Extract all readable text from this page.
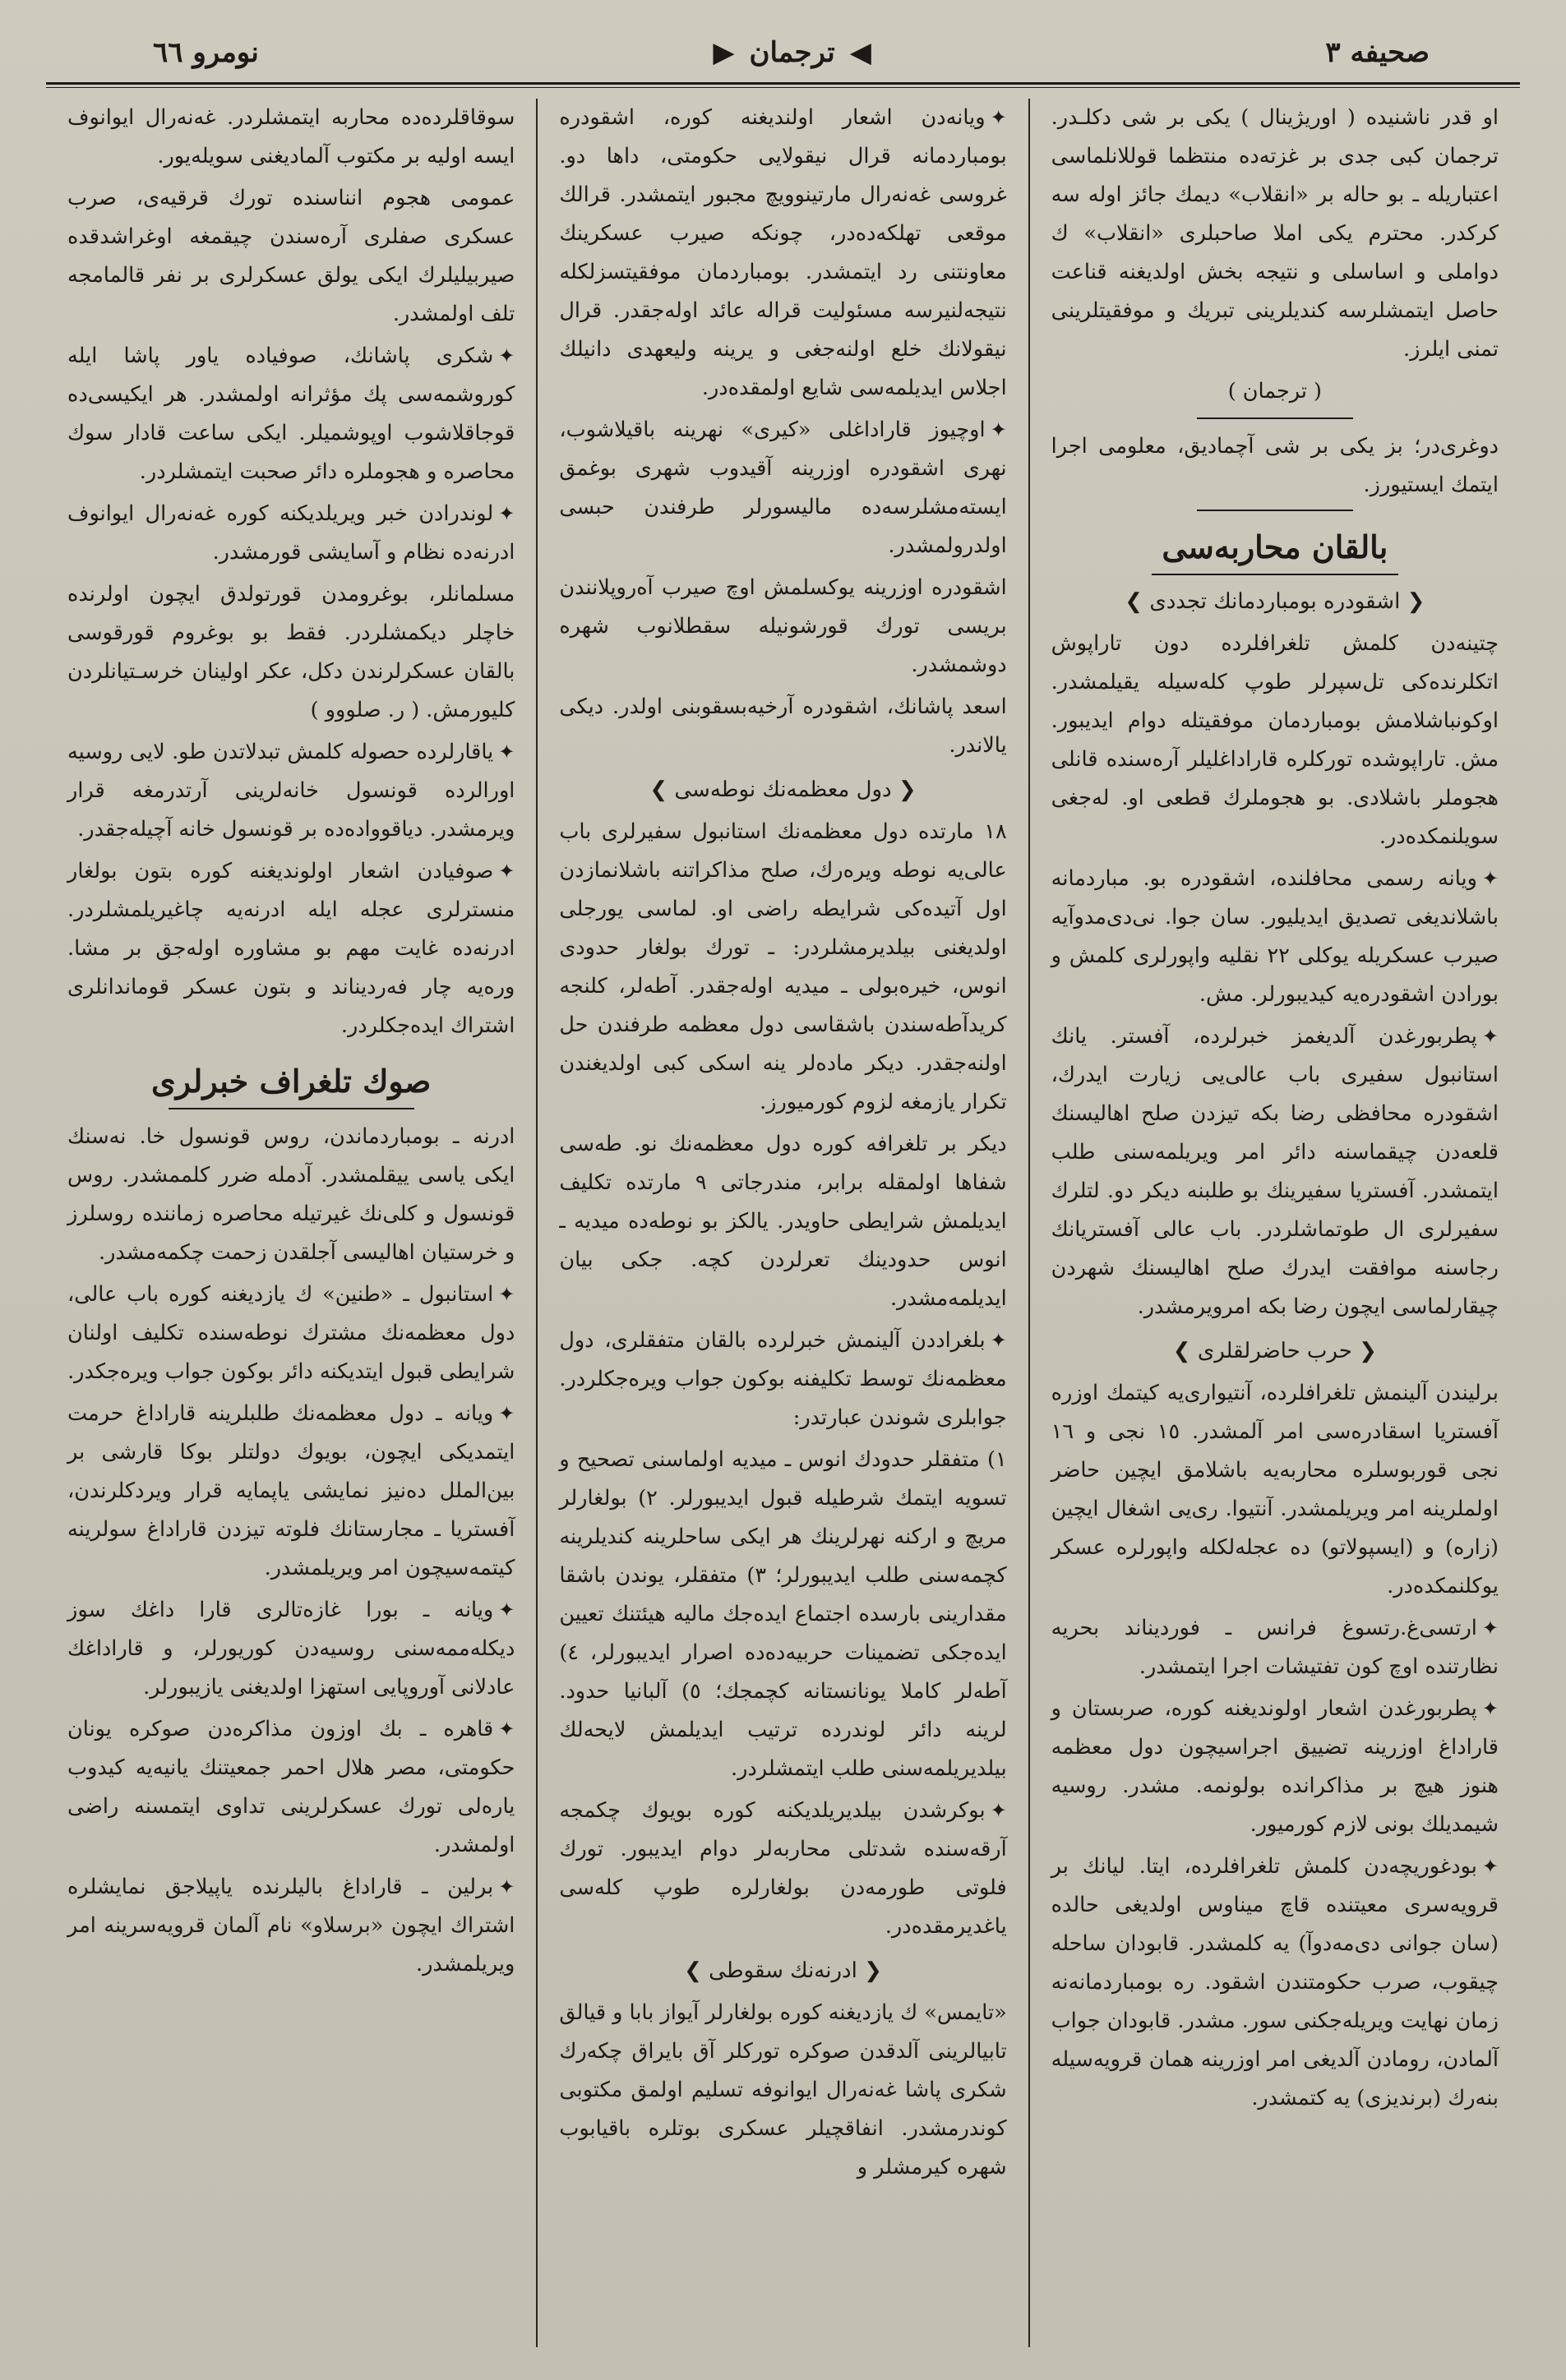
صحیفه ۳
◀
ترجمان
▶
نومرو ٦٦

او قدر ناشنیده ( اوریژینال ) یکی بر شی دکلـدر. ترجمان کبی جدی بر غزته‌ده منتظما قوللانلماسی اعتباریله ـ بو حاله بر «انقلاب» دیمك جائز اوله‌ سه کرکدر. محترم یکی املا صاحبلری «انقلاب» ك دواملی و اساسلی و نتیجه بخش اولدیغنه قناعت حاصل ایتمشلرسه کندیلرینی تبریك و موفقیتلرینی تمنی ایلرز.

( ترجمان )

دوغری‌در؛ بز یکی بر شی آچماديق، معلومی اجرا ایتمك ایستیورز.

بالقان محاربه‌سی
❮ اشقودره بومباردمانك تجددی ❯

چتینه‌دن کلمش تلغرافلرده دون تاراپوش اتکلرنده‌کی تل‌سپرلر طوپ کله‌سیله یقیلمشدر. اوکونباشلامش بومباردمان موفقیتله دوام ایدیبور. مش. تاراپوشده تورکلره قاراداغلیلر آره‌سنده قانلی هجوملر باشلادی. بو هجوملرك قطعی او. له‌جغی سویلنمکده‌در.

✦ویانه رسمی محافلنده، اشقودره بو. مباردمانه باشلاندیغی تصدیق ایدیلیور. سان جوا. نی‌دی‌مدوآیه صیرب عسکریله یوکلی ٢٢ نقلیه واپورلری کلمش و بورادن اشقودره‌یه کیدیبورلر. مش.

✦پطربورغدن آلدیغمز خبرلرده، آفستر. یانك استانبول سفیری باب عالی‌یی زیارت ایدرك، اشقودره محافظی رضا بکه تیزدن صلح اهالیسنك قلعه‌دن چیقماسنه دائر امر ویریلمه‌سنی طلب ایتمشدر. آفستریا سفیرینك بو طلبنه دیکر دو. لتلرك سفیرلری ال طوتماشلردر. باب عالی آفستریانك رجاسنه موافقت ایدرك صلح اهالیسنك شهردن چیقارلماسی ایچون رضا بکه امرویرمشدر.

❮ حرب حاضرلقلری ❯

برلیندن آلینمش تلغرافلرده، آنتیواری‌یه کیتمك اوزره آفستریا اسقادره‌سی امر آلمشدر. ١٥ نجی و ١٦ نجی قوربوسلره محاربه‌یه باشلامق ایچین حاضر اولملرینه امر ویریلمشدر. آنتیوا. ری‌یی اشغال ایچین (زاره) و (ایسپولاتو) ده عجله‌لکله واپورلره عسکر یوکلنمکده‌در.

✦ارتسی‌غ.رتسوغ فرانس ـ فوردیناند بحریه نظارتنده اوچ کون تفتیشات اجرا ایتمشدر.

✦پطربورغدن اشعار اولوندیغنه کوره، صربستان و قاراداغ اوزرینه تضییق اجراسیچون دول معظمه هنوز هیچ بر مذاکرانده بولونمه. مشدر. روسیه شیمدیلك بونی لازم کورمیور.

✦بودغوریچه‌دن کلمش تلغرافلرده، ایتا. لیانك بر قرویه‌سری معیتنده قاچ میناوس اولدیغی حالده (سان جوانی دی‌مه‌دوآ) یه کلمشدر. قابودان ساحله چیقوب، صرب حکومتندن اشقود. ره بومباردمانه‌نه زمان نهایت ویریله‌جکنی سور. مشدر. قابودان جواب آلمادن، رومادن آلدیغی امر اوزرینه همان قرویه‌سیله بنه‌رك (برندیزی) یه کتمشدر.

✦ویانه‌دن اشعار اولندیغنه کوره، اشقودره بومباردمانه قرال نیقولایی حکومتی، داها دو. غروسی غه‌نه‌رال مارتینوویچ مجبور ایتمشدر. قرالك موقعی تهلکه‌ده‌در، چونکه صیرب عسکرینك معاونتنی رد ایتمشدر. بومباردمان موفقیتسزلکله نتیجه‌لنیرسه مسئولیت قراله عائد اوله‌جقدر. قرال نیقولانك خلع اولنه‌جغی و یرینه ولیعهدی دانیلك اجلاس ایدیلمه‌سی شایع اولمقده‌در.

✦اوچیوز قاراداغلی «کیری» نهرینه باقیلاشوب، نهری اشقودره اوزرینه آقیدوب شهری بوغمق ایسته‌مشلرسه‌ده مالیسورلر طرفندن حبسی اولدرولمشدر.

اشقودره اوزرینه یوکسلمش اوچ صیرب آه‌روپلانندن بریسی تورك قورشونیله سقطلانوب شهره دوشمشدر.

اسعد پاشانك، اشقودره آرخیه‌بسقوبنی اولدر. دیکی یالاندر.

❮ دول معظمه‌نك نوطه‌سی ❯

١٨ مارتده دول معظمه‌نك استانبول سفیرلری باب عالی‌یه نوطه ویره‌رك، صلح مذاکراتنه باشلانمازدن اول آتیده‌کی شرایطه راضی او. لماسی یورجلی اولدیغنی بیلدیرمشلردر: ـ تورك بولغار حدودی انوس‌، خیره‌بولی ـ میدیه اوله‌جقدر. آطه‌لر، کلنجه کریدآطه‌سندن باشقاسی دول معظمه طرفندن حل اولنه‌جقدر. دیکر ماده‌لر ینه اسکی کبی اولدیغندن تکرار یازمغه لزوم کورمیورز.

دیکر بر تلغرافه کوره دول معظمه‌نك نو. طه‌سی شفاها اولمقله برابر، مندرجاتی ٩ مارتده تکلیف ایدیلمش شرایطی حاویدر. یالکز بو نوطه‌ده میدیه ـ انوس حدودینك تعرلردن کچه. جکی بیان ایدیلمه‌مشدر.

✦بلغراددن آلینمش خبرلرده بالقان متفقلری، دول معظمه‌نك توسط تکلیفنه بوکون جواب ویره‌جکلردر. جوابلری شوندن عبارتدر:

١) متفقلر حدودك انوس ـ میدیه اولماسنی تصحیح و تسویه ایتمك شرطیله قبول ایدیبورلر. ٢) بولغارلر مریچ و ارکنه نهرلرینك هر ایکی ساحلرینه کندیلرینه کچمه‌سنی طلب ایدیبورلر؛ ٣) متفقلر، یوندن باشقا مقدارینی بارسده اجتماع ایده‌جك مالیه هیئتنك تعیین ایده‌جکی تضمینات حربیه‌ده‌ده اصرار ایدیبورلر، ٤) آطه‌لر کاملا یونانستانه کچمجك؛ ٥) آلبانیا حدود. لرینه دائر لوندرده ترتیب ایدیلمش لایحه‌لك بیلدیریلمه‌سنی طلب ایتمشلردر.

✦بوکرشدن بیلدیریلدیکنه کوره بویوك چکمجه آرقه‌سنده شدتلی محاربه‌لر دوام ایدیبور. تورك فلوتی طورمه‌دن بولغارلره طوپ کله‌سی یاغدیرمقده‌در.

❮ ادرنه‌نك سقوطی ❯

«تایمس» ك یازدیغنه کوره بولغارلر آیواز بابا و قیالق تابیالرینی آلدقدن صوکره تورکلر آق بایراق چکه‌رك شکری پاشا غه‌نه‌رال ایوانوفه تسلیم اولمق مکتوبی کوندرمشدر. انفاقچیلر عسکری بوتلره باقیابوب شهره کیرمشلر و

سوقاقلرده‌ده محاربه ایتمشلردر. غه‌نه‌رال ایوانوف ایسه اولیه بر مکتوب آلمادیغنی سویله‌یور.

عمومی هجوم انناسنده تورك قرقیه‌ی، صرب عسکری صفلری آره‌سندن چیقمغه اوغراشدقده صیربیلیلرك ایکی یولق عسکرلری بر نفر قالمامجه تلف اولمشدر.

✦شکری پاشانك، صوفیاده یاور پاشا ایله کوروشمه‌سی پك مؤثرانه اولمشدر. هر ایکیسی‌ده قوجاقلاشوب اوپوشمیلر. ایکی ساعت قادار سوك محاصره و هجوملره دائر صحبت ایتمشلردر.

✦لوندرادن خبر ویریلدیکنه کوره غه‌نه‌رال ایوانوف ادرنه‌ده نظام و آسایشی قورمشدر.

مسلمانلر، بوغرومدن قورتولدق ایچون اولرنده خاچلر دیکمشلردر. فقط بو بوغروم قورقوسی بالقان عسکرلرندن دکل، عکر اولینان خرسـتیانلردن کلیورمش. ( ر. صلووو )

✦یاقارلرده حصوله کلمش تبدلاتدن طو. لایی روسیه اورالرده قونسول خانه‌لرینی آرتدرمغه قرار ویرمشدر. دیاقوواده‌ده بر قونسول خانه آچیله‌جقدر.

✦صوفیادن اشعار اولوندیغنه کوره بتون بولغار منسترلری عجله ایله ادرنه‌یه چاغیریلمشلردر. ادرنه‌ده غایت مهم بو مشاوره اوله‌جق بر مشا. وره‌یه چار فه‌ردیناند و بتون عسکر قوماندانلری اشتراك ایده‌جکلردر.

صوك تلغراف خبرلری

ادرنه ـ بومباردماندن، روس قونسول خا. نه‌سنك ایکی یاسی ییقلمشدر. آدمله ضرر کلممشدر. روس قونسول و کلی‌نك غیرتیله محاصره زماننده روسلرز و خرستیان اهالیسی آجلقدن زحمت چکمه‌مشدر.

✦استانبول ـ «طنین» ك یازدیغنه کوره باب عالی، دول معظمه‌نك مشترك نوطه‌سنده تکلیف اولنان شرایطی قبول ایتدیکنه دائر بوکون جواب ویره‌جکدر.

✦ویانه ـ دول معظمه‌نك طلبلرینه قاراداغ حرمت ایتمدیکی ایچون، بویوك دولتلر بوکا قارشی بر بین‌الملل دەنیز نمایشی یاپمایه قرار ویردکلرندن، آفستریا ـ مجارستانك فلوته تیزدن قاراداغ سولرینه کیتمه‌سیچون امر ویریلمشدر.

✦ویانه ـ بورا غازه‌تالری قارا داغك سوز دیکله‌ممه‌سنی روسیه‌دن کوریورلر، و قاراداغك عادلانی آوروپایی استهزا اولدیغنی یازیبورلر.

✦قاهره ـ بك اوزون مذاکره‌دن صوکره یونان حکومتی، مصر هلال احمر جمعیتنك یانیه‌یه کیدوب یاره‌لی تورك عسکرلرینی تداوی ایتمسنه راضی اولمشدر.

✦برلین ـ قاراداغ بالیلرنده یاپیلاجق نمایشلره اشتراك ایچون «برسلاو» نام آلمان قرویه‌سرینه امر ویریلمشدر.
